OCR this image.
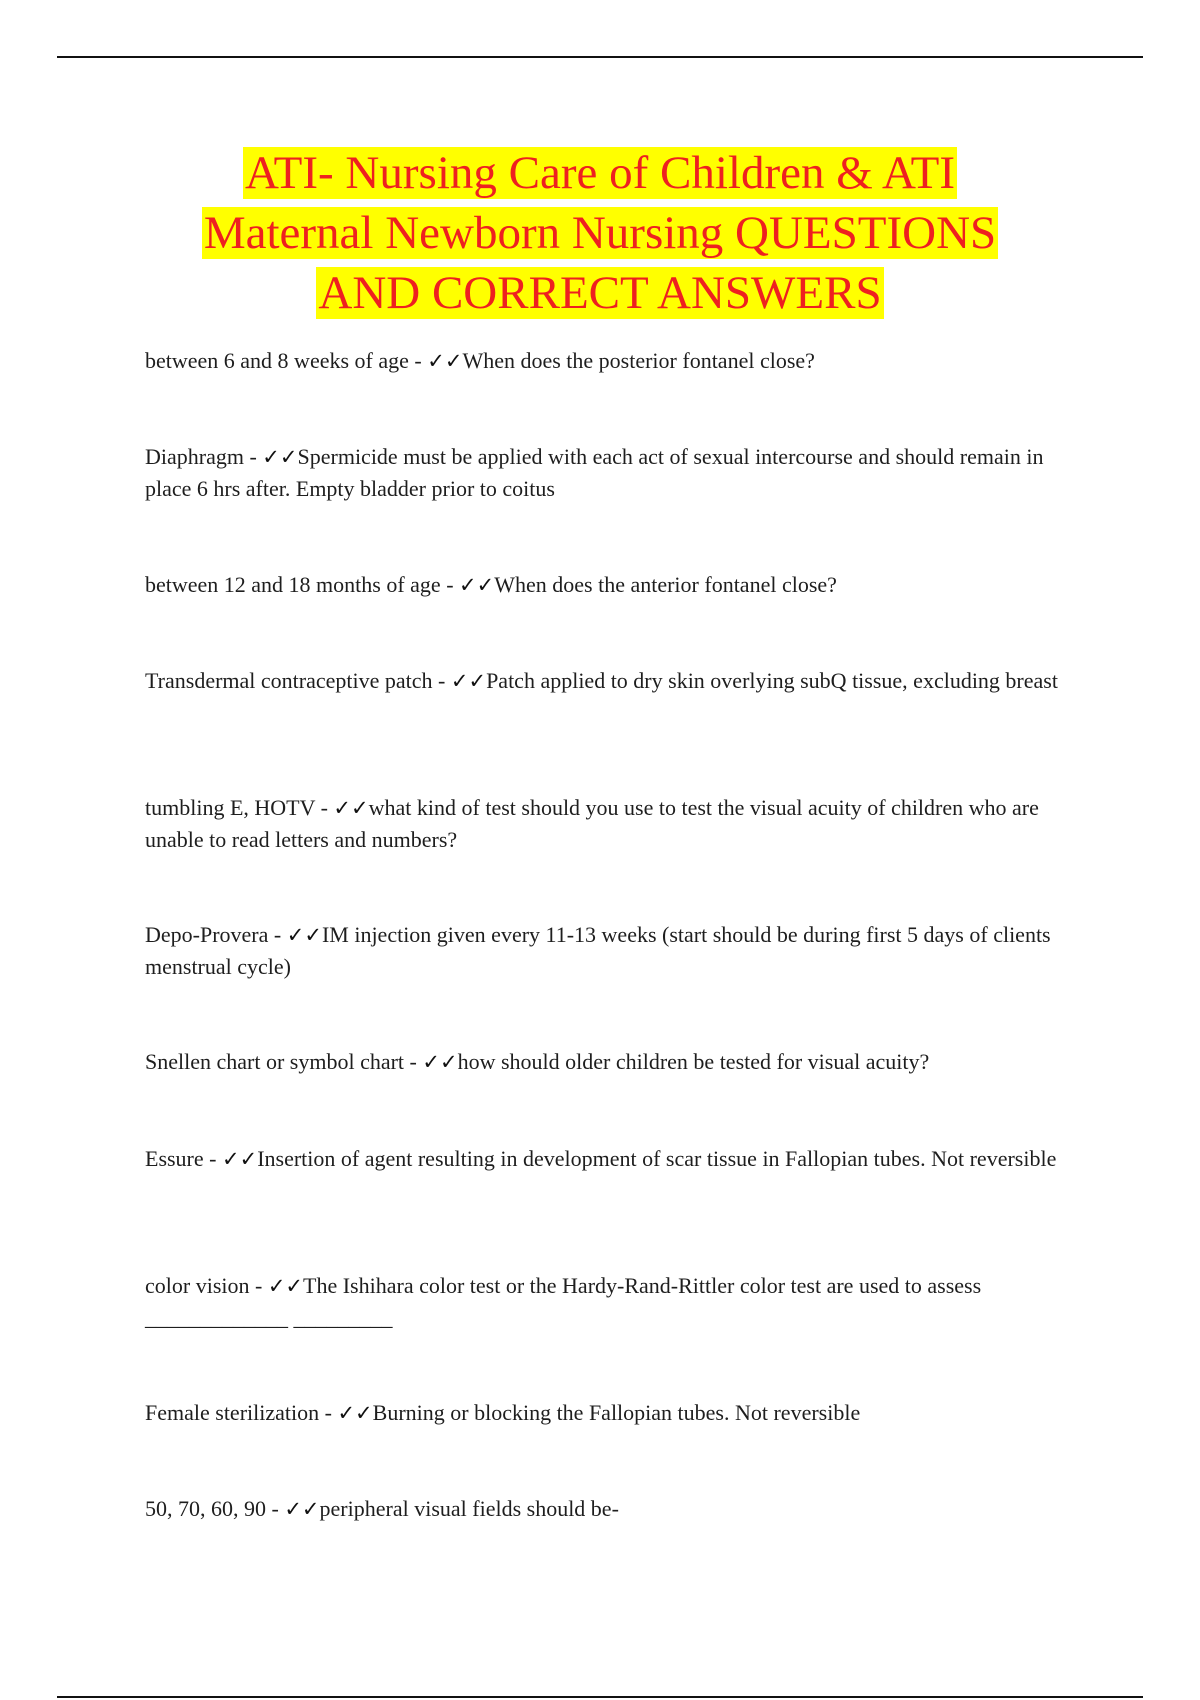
ATI- Nursing Care of Children & ATI
Maternal Newborn Nursing QUESTIONS
AND CORRECT ANSWERS
between 6 and 8 weeks of age - ✓✓When does the posterior fontanel close?
Diaphragm - ✓✓Spermicide must be applied with each act of sexual intercourse and should remain in place 6 hrs after. Empty bladder prior to coitus
between 12 and 18 months of age - ✓✓When does the anterior fontanel close?
Transdermal contraceptive patch - ✓✓Patch applied to dry skin overlying subQ tissue, excluding breast
tumbling E, HOTV - ✓✓what kind of test should you use to test the visual acuity of children who are unable to read letters and numbers?
Depo-Provera - ✓✓IM injection given every 11-13 weeks (start should be during first 5 days of clients menstrual cycle)
Snellen chart or symbol chart - ✓✓how should older children be tested for visual acuity?
Essure - ✓✓Insertion of agent resulting in development of scar tissue in Fallopian tubes. Not reversible
color vision - ✓✓The Ishihara color test or the Hardy-Rand-Rittler color test are used to assess _____________ _________
Female sterilization - ✓✓Burning or blocking the Fallopian tubes. Not reversible
50, 70, 60, 90 - ✓✓peripheral visual fields should be-
